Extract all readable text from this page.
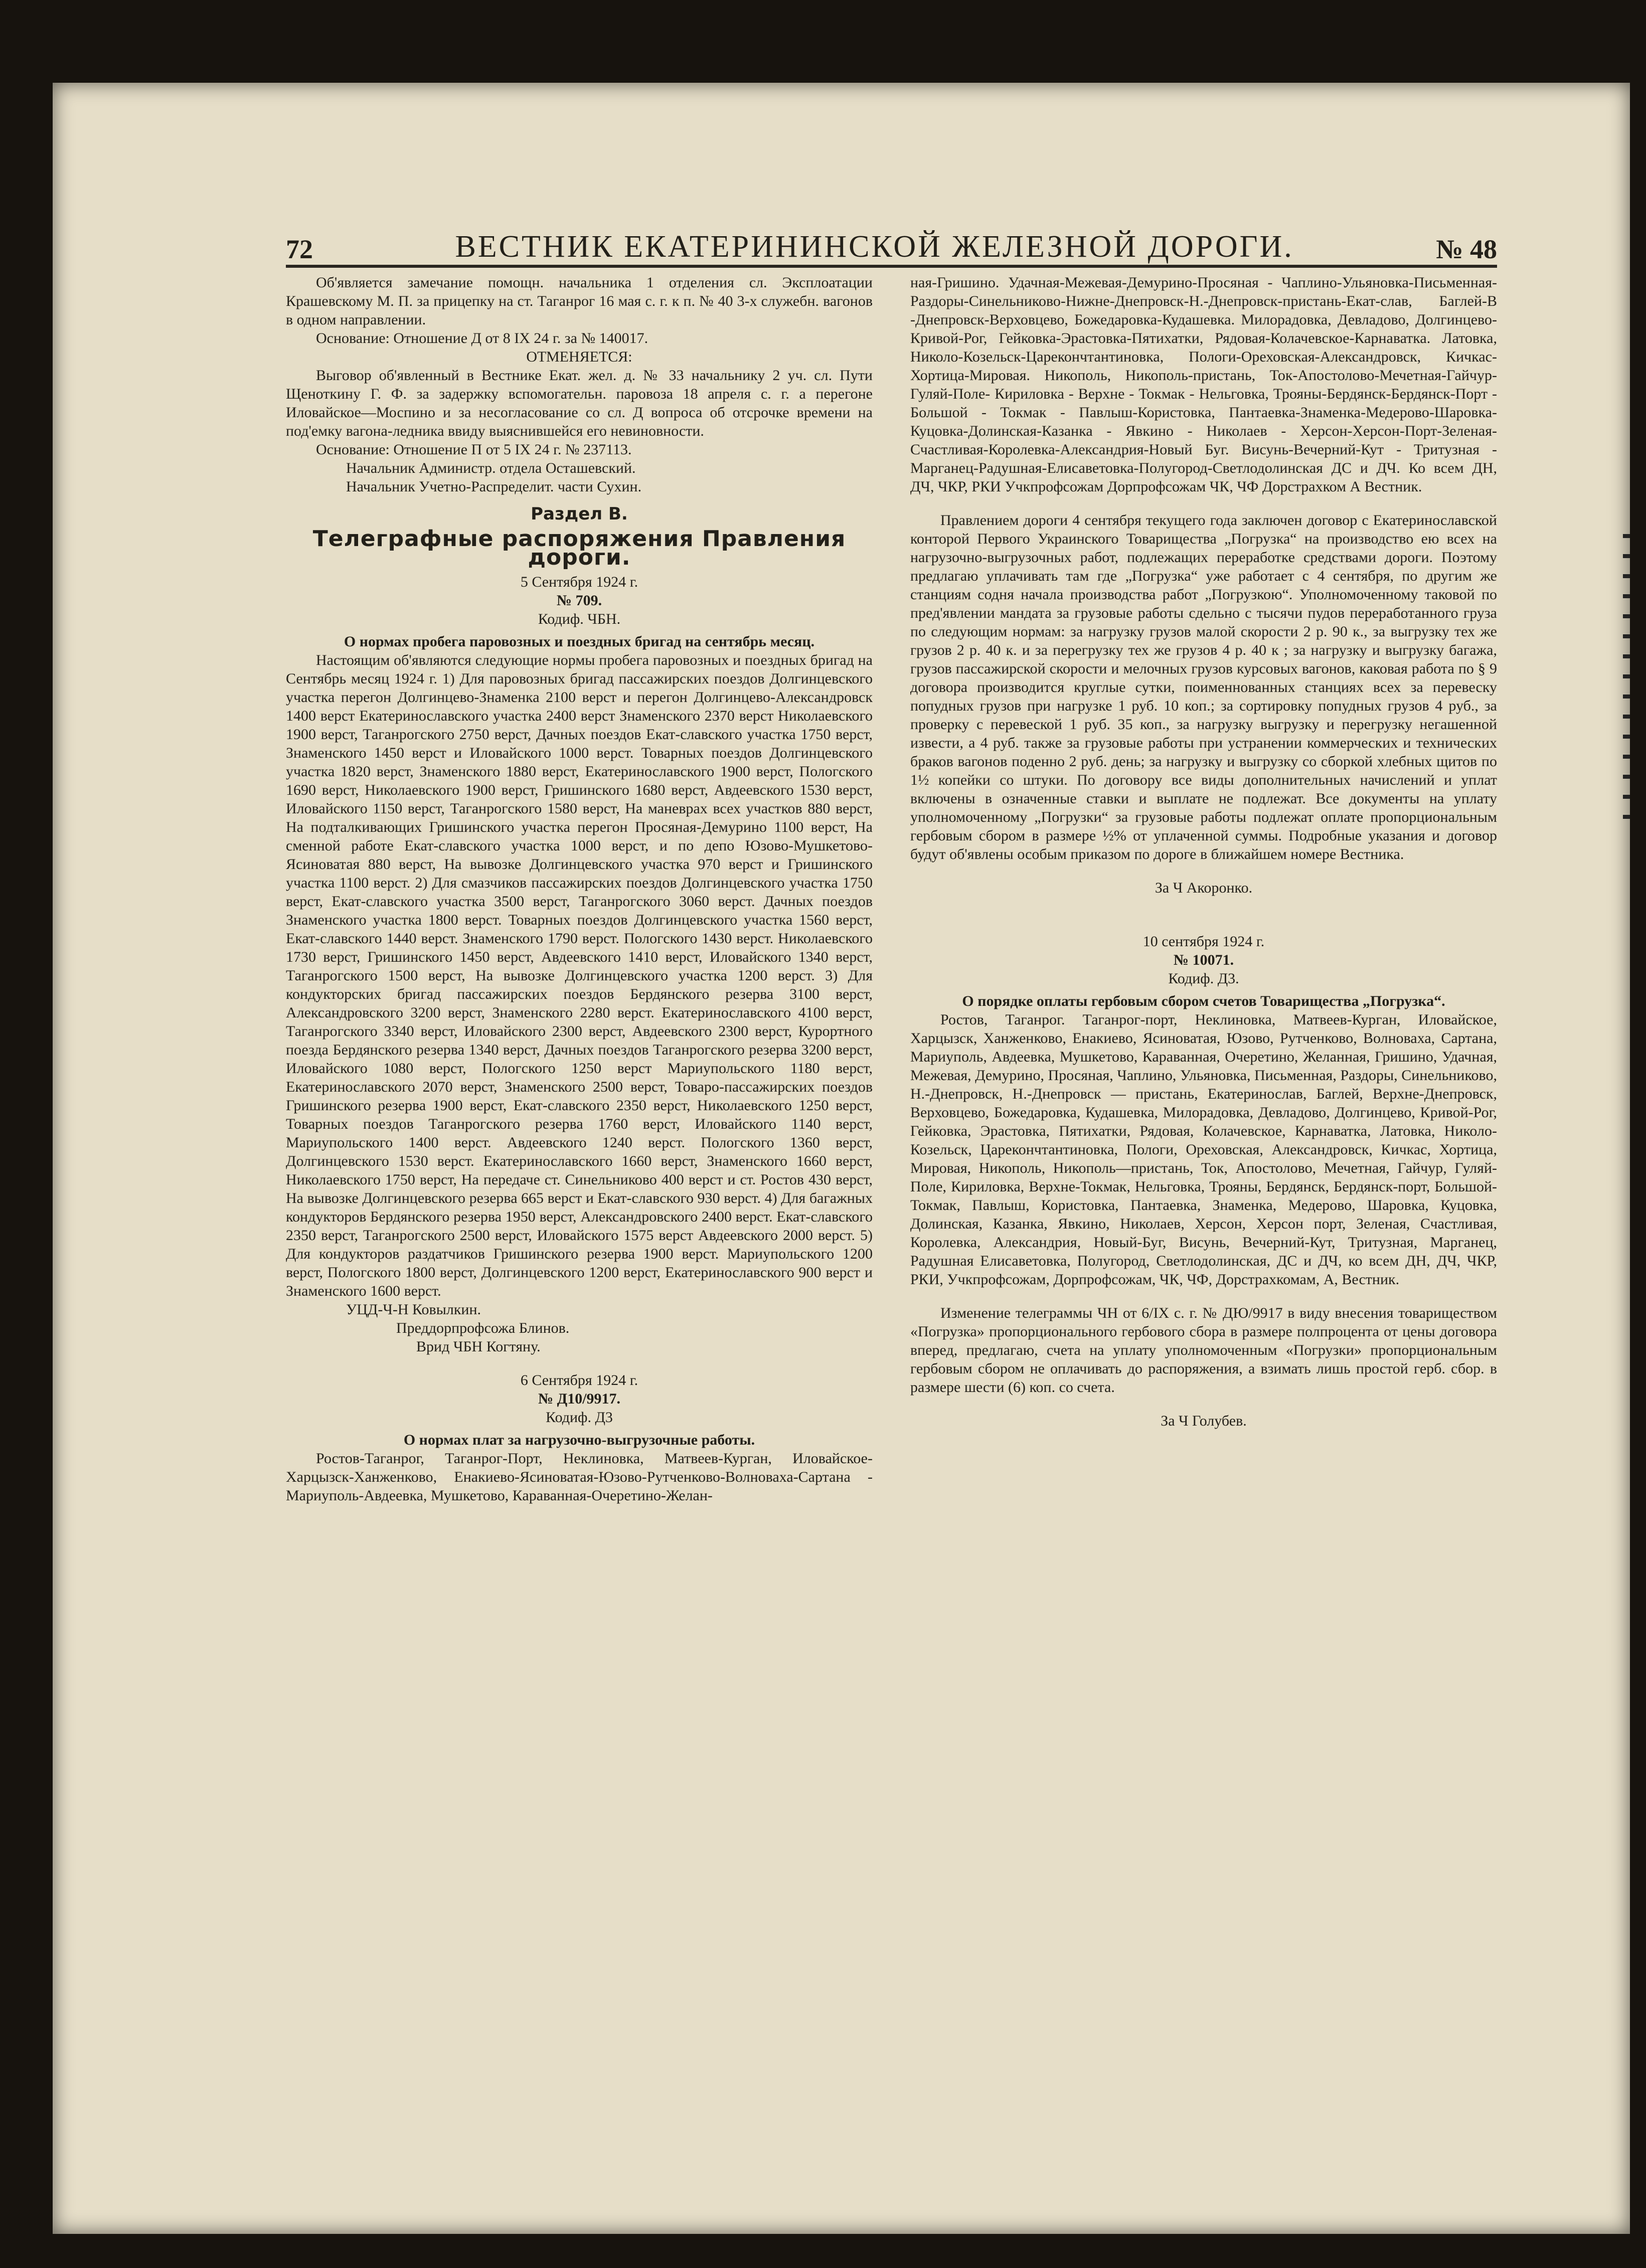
72	ВЕСТНИК ЕКАТЕРИНИНСКОЙ ЖЕЛЕЗНОЙ ДОРОГИ.	№ 48

Об'является замечание помощн. начальника 1 отделения сл. Эксплоатации Крашевскому М. П. за прицепку на ст. Таганрог 16 мая с. г. к п. № 40 3-х служебн. вагонов в одном направлении.

Основание: Отношение Д от 8 IX 24 г. за № 140017.

ОТМЕНЯЕТСЯ:

Выговор об'явленный в Вестнике Екат. жел. д. № 33 начальнику 2 уч. сл. Пути Щеноткину Г. Ф. за задержку вспомогательн. паровоза 18 апреля с. г. а перегоне Иловайское—Моспино и за несогласование со сл. Д вопроса об отсрочке времени на под'емку вагона-ледника ввиду выяснившейся его невиновности.

Основание: Отношение П от 5 IX 24 г. № 237113.

Начальник Администр. отдела Осташевский.

Начальник Учетно-Распределит. части Сухин.

Раздел В.

Телеграфные распоряжения Правления дороги.

5 Сентября 1924 г.

№ 709.

Кодиф. ЧБН.

О нормах пробега паровозных и поездных бригад на сентябрь месяц.

Настоящим об'являются следующие нормы пробега паровозных и поездных бригад на Сентябрь месяц 1924 г. 1) Для паровозных бригад пассажирских поездов Долгинцевского участка перегон Долгинцево-Знаменка 2100 верст и перегон Долгинцево-Александровск 1400 верст Екатеринославского участка 2400 верст Знаменского 2370 верст Николаевского 1900 верст, Таганрогского 2750 верст, Дачных поездов Екат-славского участка 1750 верст, Знаменского 1450 верст и Иловайского 1000 верст. Товарных поездов Долгинцевского участка 1820 верст, Знаменского 1880 верст, Екатеринославского 1900 верст, Пологского 1690 верст, Николаевского 1900 верст, Гришинского 1680 верст, Авдеевского 1530 верст, Иловайского 1150 верст, Таганрогского 1580 верст, На маневрах всех участков 880 верст, На подталкивающих Гришинского участка перегон Просяная-Демурино 1100 верст, На сменной работе Екат-славского участка 1000 верст, и по депо Юзово-Мушкетово-Ясиноватая 880 верст, На вывозке Долгинцевского участка 970 верст и Гришинского участка 1100 верст. 2) Для смазчиков пассажирских поездов Долгинцевского участка 1750 верст, Екат-славского участка 3500 верст, Таганрогского 3060 верст. Дачных поездов Знаменского участка 1800 верст. Товарных поездов Долгинцевского участка 1560 верст, Екат-славского 1440 верст. Знаменского 1790 верст. Пологского 1430 верст. Николаевского 1730 верст, Гришинского 1450 верст, Авдеевского 1410 верст, Иловайского 1340 верст, Таганрогского 1500 верст, На вывозке Долгинцевского участка 1200 верст. 3) Для кондукторских бригад пассажирских поездов Бердянского резерва 3100 верст, Александровского 3200 верст, Знаменского 2280 верст. Екатеринославского 4100 верст, Таганрогского 3340 верст, Иловайского 2300 верст, Авдеевского 2300 верст, Курортного поезда Бердянского резерва 1340 верст, Дачных поездов Таганрогского резерва 3200 верст, Иловайского 1080 верст, Пологского 1250 верст Мариупольского 1180 верст, Екатеринославского 2070 верст, Знаменского 2500 верст, Товаро-пассажирских поездов Гришинского резерва 1900 верст, Екат-славского 2350 верст, Николаевского 1250 верст, Товарных поездов Таганрогского резерва 1760 верст, Иловайского 1140 верст, Мариупольского 1400 верст. Авдеевского 1240 верст. Пологского 1360 верст, Долгинцевского 1530 верст. Екатеринославского 1660 верст, Знаменского 1660 верст, Николаевского 1750 верст, На передаче ст. Синельниково 400 верст и ст. Ростов 430 верст, На вывозке Долгинцевского резерва 665 верст и Екат-славского 930 верст. 4) Для багажных кондукторов Бердянского резерва 1950 верст, Александровского 2400 верст. Екат-славского 2350 верст, Таганрогского 2500 верст, Иловайского 1575 верст Авдеевского 2000 верст. 5) Для кондукторов раздатчиков Гришинского резерва 1900 верст. Мариупольского 1200 верст, Пологского 1800 верст, Долгинцевского 1200 верст, Екатеринославского 900 верст и Знаменского 1600 верст.

УЦД-Ч-Н Ковылкин.

Преддорпрофсожа Блинов.

Врид ЧБН Когтяну.

6 Сентября 1924 г.

№ Д10/9917.

Кодиф. Д3

О нормах плат за нагрузочно-выгрузочные работы.

Ростов-Таганрог, Таганрог-Порт, Неклиновка, Матвеев-Курган, Иловайское-Харцызск-Ханженково, Енакиево-Ясиноватая-Юзово-Рутченково-Волноваха-Сартана - Мариуполь-Авдеевка, Мушкетово, Караванная-Очеретино-Желан-

ная-Гришино. Удачная-Межевая-Демурино-Просяная - Чаплино-Ульяновка-Письменная-Раздоры-Синельниково-Нижне-Днепровск-Н.-Днепровск-пристань-Екат-слав, Баглей-В -Днепровск-Верховцево, Божедаровка-Кудашевка. Милорадовка, Девладово, Долгинцево-Кривой-Рог, Гейковка-Эрастовка-Пятихатки, Рядовая-Колачевское-Карнаватка. Латовка, Николо-Козельск-Царекончтантиновка, Пологи-Ореховская-Александровск, Кичкас-Хортица-Мировая. Никополь, Никополь-пристань, Ток-Апостолово-Мечетная-Гайчур-Гуляй-Поле- Кириловка - Верхне - Токмак - Нельговка, Трояны-Бердянск-Бердянск-Порт - Большой - Токмак - Павлыш-Користовка, Пантаевка-Знаменка-Медерово-Шаровка-Куцовка-Долинская-Казанка - Явкино - Николаев - Херсон-Херсон-Порт-Зеленая-Счастливая-Королевка-Александрия-Новый Буг. Висунь-Вечерний-Кут - Тритузная - Марганец-Радушная-Елисаветовка-Полугород-Светлодолинская ДС и ДЧ. Ко всем ДН, ДЧ, ЧКР, РКИ Учкпрофсожам Дорпрофсожам ЧК, ЧФ Дорстрахком А Вестник.

Правлением дороги 4 сентября текущего года заключен договор с Екатеринославской конторой Первого Украинского Товарищества „Погрузка“ на производство ею всех на нагрузочно-выгрузочных работ, подлежащих переработке средствами дороги. Поэтому предлагаю уплачивать там где „Погрузка“ уже работает с 4 сентября, по другим же станциям содня начала производства работ „Погрузкою“. Уполномоченному таковой по пред'явлении мандата за грузовые работы сдельно с тысячи пудов переработанного груза по следующим нормам: за нагрузку грузов малой скорости 2 р. 90 к., за выгрузку тех же грузов 2 р. 40 к. и за перегрузку тех же грузов 4 р. 40 к ; за нагрузку и выгрузку багажа, грузов пассажирской скорости и мелочных грузов курсовых вагонов, каковая работа по § 9 договора производится круглые сутки, поименнованных станциях всех за перевеску попудных грузов при нагрузке 1 руб. 10 коп.; за сортировку попудных грузов 4 руб., за проверку с перевеской 1 руб. 35 коп., за нагрузку выгрузку и перегрузку негашенной извести, а 4 руб. также за грузовые работы при устранении коммерческих и технических браков вагонов поденно 2 руб. день; за нагрузку и выгрузку со сборкой хлебных щитов по 1½ копейки со штуки. По договору все виды дополнительных начислений и уплат включены в означенные ставки и выплате не подлежат. Все документы на уплату уполномоченному „Погрузки“ за грузовые работы подлежат оплате пропорциональным гербовым сбором в размере ½% от уплаченной суммы. Подробные указания и договор будут об'явлены особым приказом по дороге в ближайшем номере Вестника.

За Ч Акоронко.

10 сентября 1924 г.

№ 10071.

Кодиф. Д3.

О порядке оплаты гербовым сбором счетов Товарищества „Погрузка“.

Ростов, Таганрог. Таганрог-порт, Неклиновка, Матвеев-Курган, Иловайское, Харцызск, Ханженково, Енакиево, Ясиноватая, Юзово, Рутченково, Волноваха, Сартана, Мариуполь, Авдеевка, Мушкетово, Караванная, Очеретино, Желанная, Гришино, Удачная, Межевая, Демурино, Просяная, Чаплино, Ульяновка, Письменная, Раздоры, Синельниково, Н.-Днепровск, Н.-Днепровск — пристань, Екатеринослав, Баглей, Верхне-Днепровск, Верховцево, Божедаровка, Кудашевка, Милорадовка, Девладово, Долгинцево, Кривой-Рог, Гейковка, Эрастовка, Пятихатки, Рядовая, Колачевское, Карнаватка, Латовка, Николо-Козельск, Царекончтантиновка, Пологи, Ореховская, Александровск, Кичкас, Хортица, Мировая, Никополь, Никополь—пристань, Ток, Апостолово, Мечетная, Гайчур, Гуляй-Поле, Кириловка, Верхне-Токмак, Нельговка, Трояны, Бердянск, Бердянск-порт, Большой-Токмак, Павлыш, Користовка, Пантаевка, Знаменка, Медерово, Шаровка, Куцовка, Долинская, Казанка, Явкино, Николаев, Херсон, Херсон порт, Зеленая, Счастливая, Королевка, Александрия, Новый-Буг, Висунь, Вечерний-Кут, Тритузная, Марганец, Радушная Елисаветовка, Полугород, Светлодолинская, ДС и ДЧ, ко всем ДН, ДЧ, ЧКР, РКИ, Учкпрофсожам, Дорпрофсожам, ЧК, ЧФ, Дорстрахкомам, А, Вестник.

Изменение телеграммы ЧН от 6/IX с. г. № ДЮ/9917 в виду внесения товариществом «Погрузка» пропорционального гербового сбора в размере полпроцента от цены договора вперед, предлагаю, счета на уплату уполномоченным «Погрузки» пропорциональным гербовым сбором не оплачивать до распоряжения, а взимать лишь простой герб. сбор. в размере шести (6) коп. со счета.

За Ч Голубев.
